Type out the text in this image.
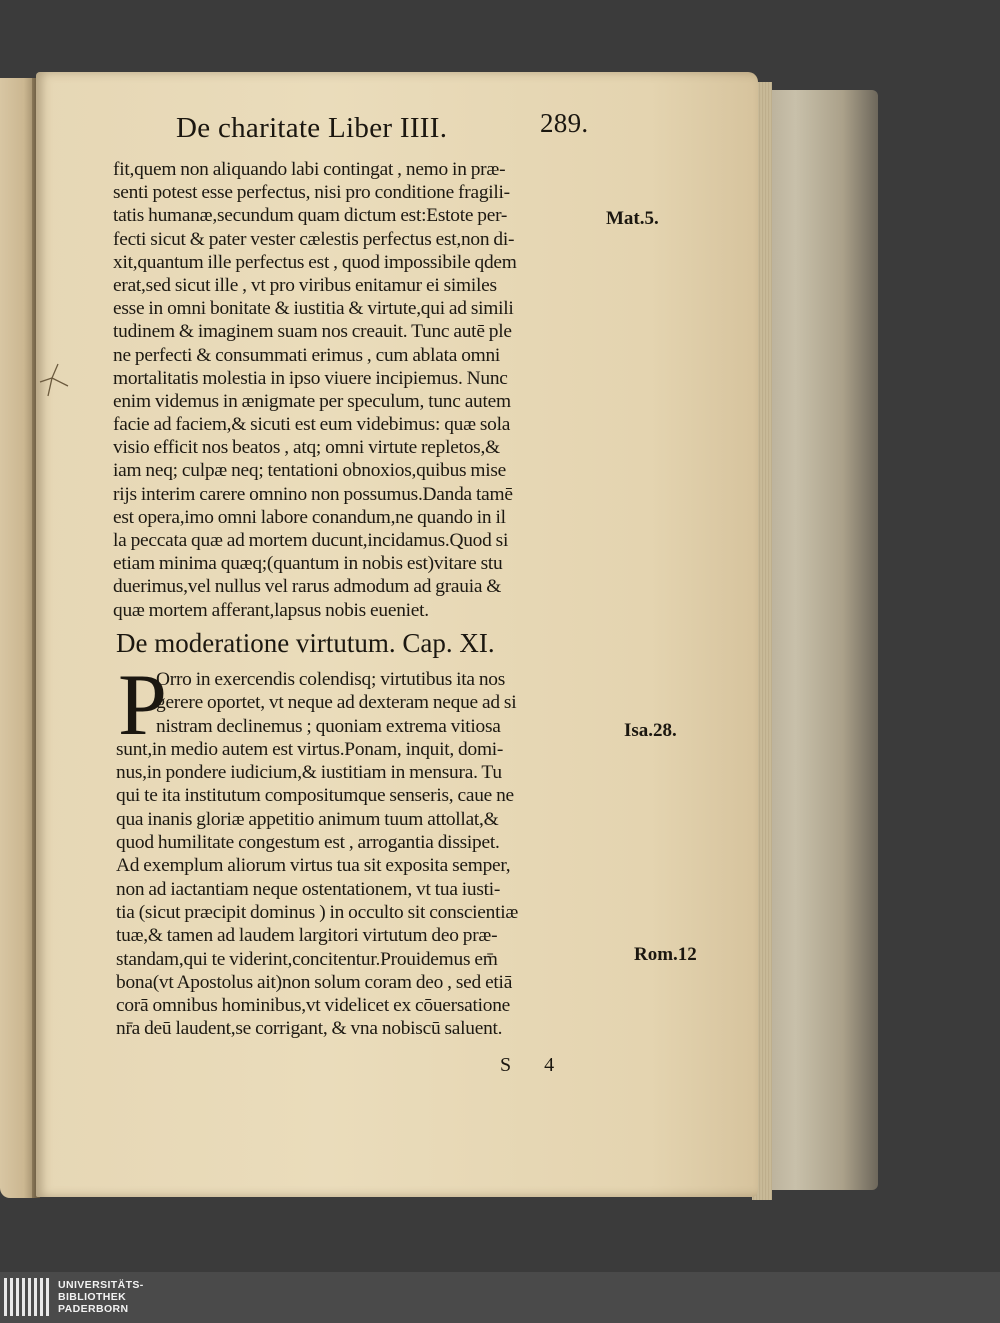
De charitate Liber IIII.	289.
fit,quem non aliquando labi contingat , nemo in præ-
senti potest esse perfectus, nisi pro conditione fragili-
tatis humanæ,secundum quam dictum est:Estote per-
fecti sicut & pater vester cælestis perfectus est,non di-
xit,quantum ille perfectus est , quod impossibile qdem
erat,sed sicut ille , vt pro viribus enitamur ei similes
esse in omni bonitate & iustitia & virtute,qui ad simili
tudinem & imaginem suam nos creauit. Tunc autē ple
ne perfecti & consummati erimus , cum ablata omni
mortalitatis molestia in ipso viuere incipiemus. Nunc
enim videmus in ænigmate per speculum, tunc autem
facie ad faciem,& sicuti est eum videbimus: quæ sola
visio efficit nos beatos , atq; omni virtute repletos,&
iam neq; culpæ neq; tentationi obnoxios,quibus mise
rijs interim carere omnino non possumus.Danda tamē
est opera,imo omni labore conandum,ne quando in il
la peccata quæ ad mortem ducunt,incidamus.Quod si
etiam minima quæq;(quantum in nobis est)vitare stu
duerimus,vel nullus vel rarus admodum ad grauia &
quæ mortem afferant,lapsus nobis eueniet.
De moderatione virtutum. Cap. XI.
P
Orro in exercendis colendisq; virtutibus ita nos
gerere oportet, vt neque ad dexteram neque ad si
nistram declinemus ; quoniam extrema vitiosa
sunt,in medio autem est virtus.Ponam, inquit, domi-
nus,in pondere iudicium,& iustitiam in mensura. Tu
qui te ita institutum compositumque senseris, caue ne
qua inanis gloriæ appetitio animum tuum attollat,&
quod humilitate congestum est , arrogantia dissipet.
Ad exemplum aliorum virtus tua sit exposita semper,
non ad iactantiam neque ostentationem, vt tua iusti-
tia (sicut præcipit dominus ) in occulto sit conscientiæ
tuæ,& tamen ad laudem largitori virtutum deo præ-
standam,qui te viderint,concitentur.Prouidemus em̄
bona(vt Apostolus ait)non solum coram deo , sed etiā
corā omnibus hominibus,vt videlicet ex cōuersatione
nr̄a deū laudent,se corrigant, & vna nobiscū saluent.
Mat.5.
Isa.28.
Rom.12
S 4
UNIVERSITÄTS-
BIBLIOTHEK
PADERBORN
